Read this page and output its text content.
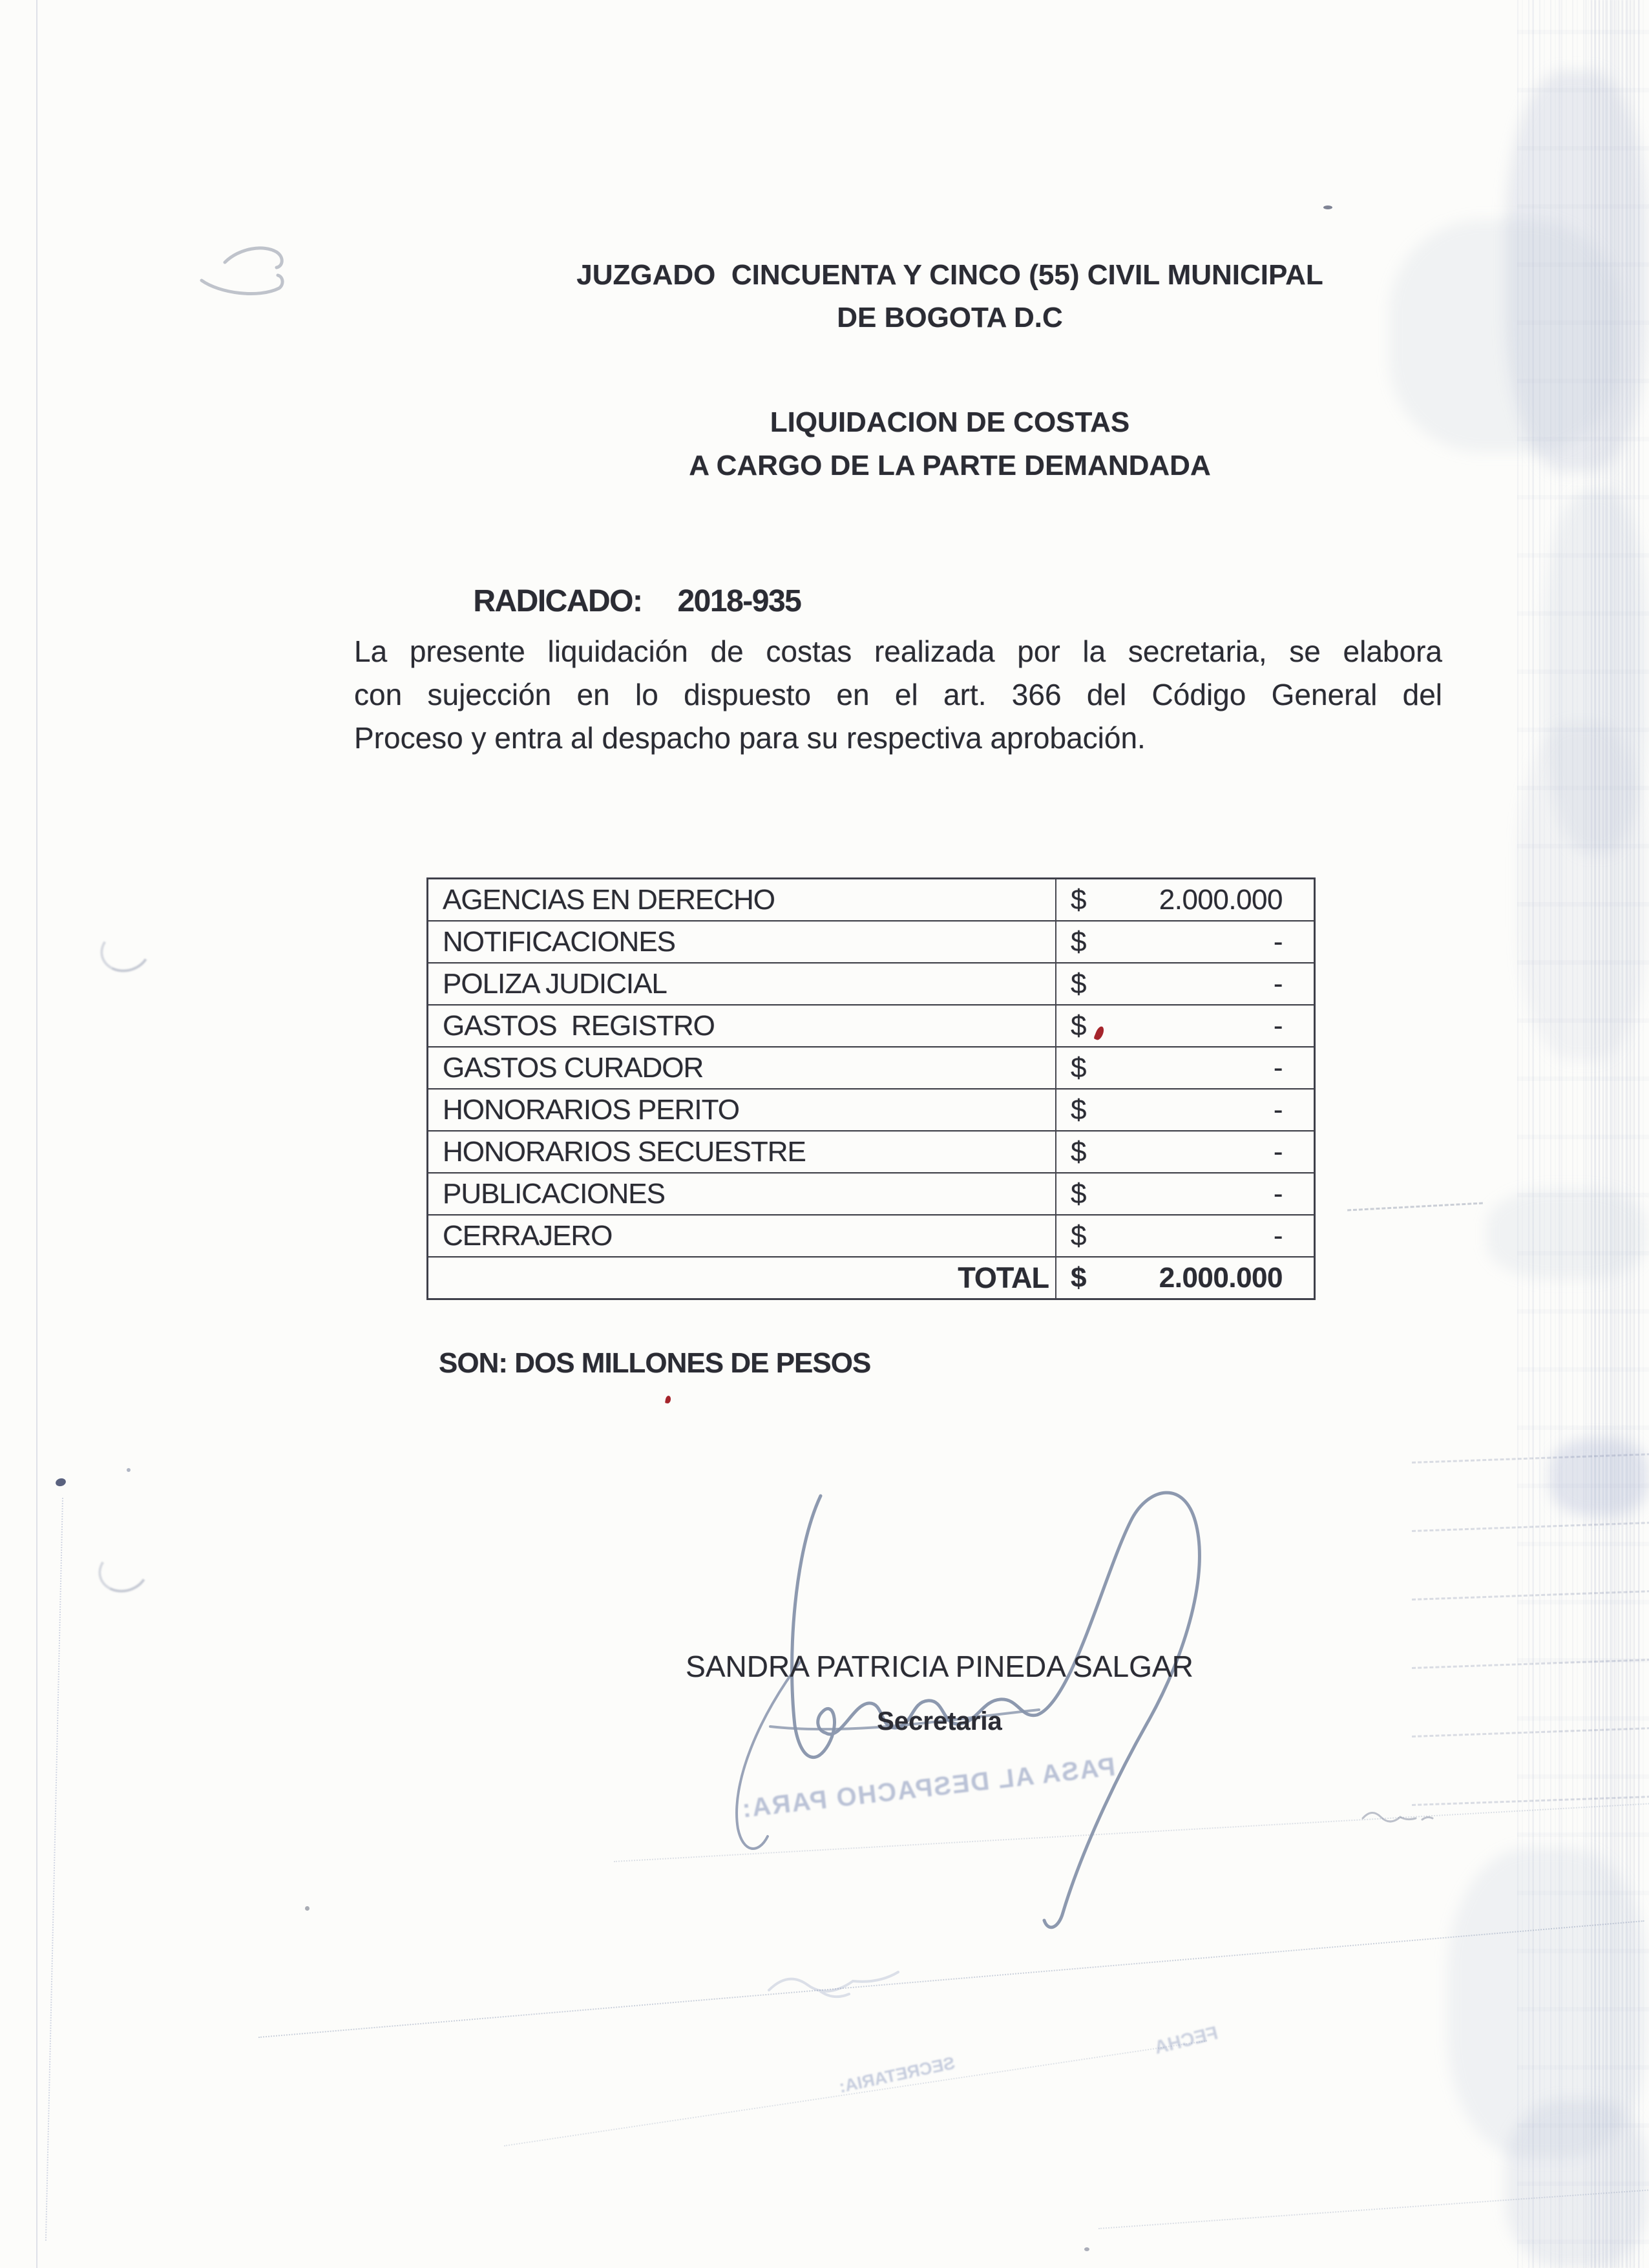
JUZGADO  CINCUENTA Y CINCO (55) CIVIL MUNICIPAL
DE BOGOTA D.C
LIQUIDACION DE COSTAS
A CARGO DE LA PARTE DEMANDADA

RADICADO: 2018-935

La presente liquidación de costas realizada por la secretaria, se elabora
con sujección en lo dispuesto en el art. 366 del Código General del
Proceso y entra al despacho para su respectiva aprobación.
AGENCIAS EN DERECHO	$	2.000.000
NOTIFICACIONES	$	-
POLIZA JUDICIAL	$	-
GASTOS  REGISTRO	$	-
GASTOS CURADOR	$	-
HONORARIOS PERITO	$	-
HONORARIOS SECUESTRE	$	-
PUBLICACIONES	$	-
CERRAJERO	$	-
TOTAL $	2.000.000
SON: DOS MILLONES DE PESOS
SANDRA PATRICIA PINEDA SALGAR
Secretaria
PASA AL DESPACHO PARA:
SECRETARIA:
FECHA
